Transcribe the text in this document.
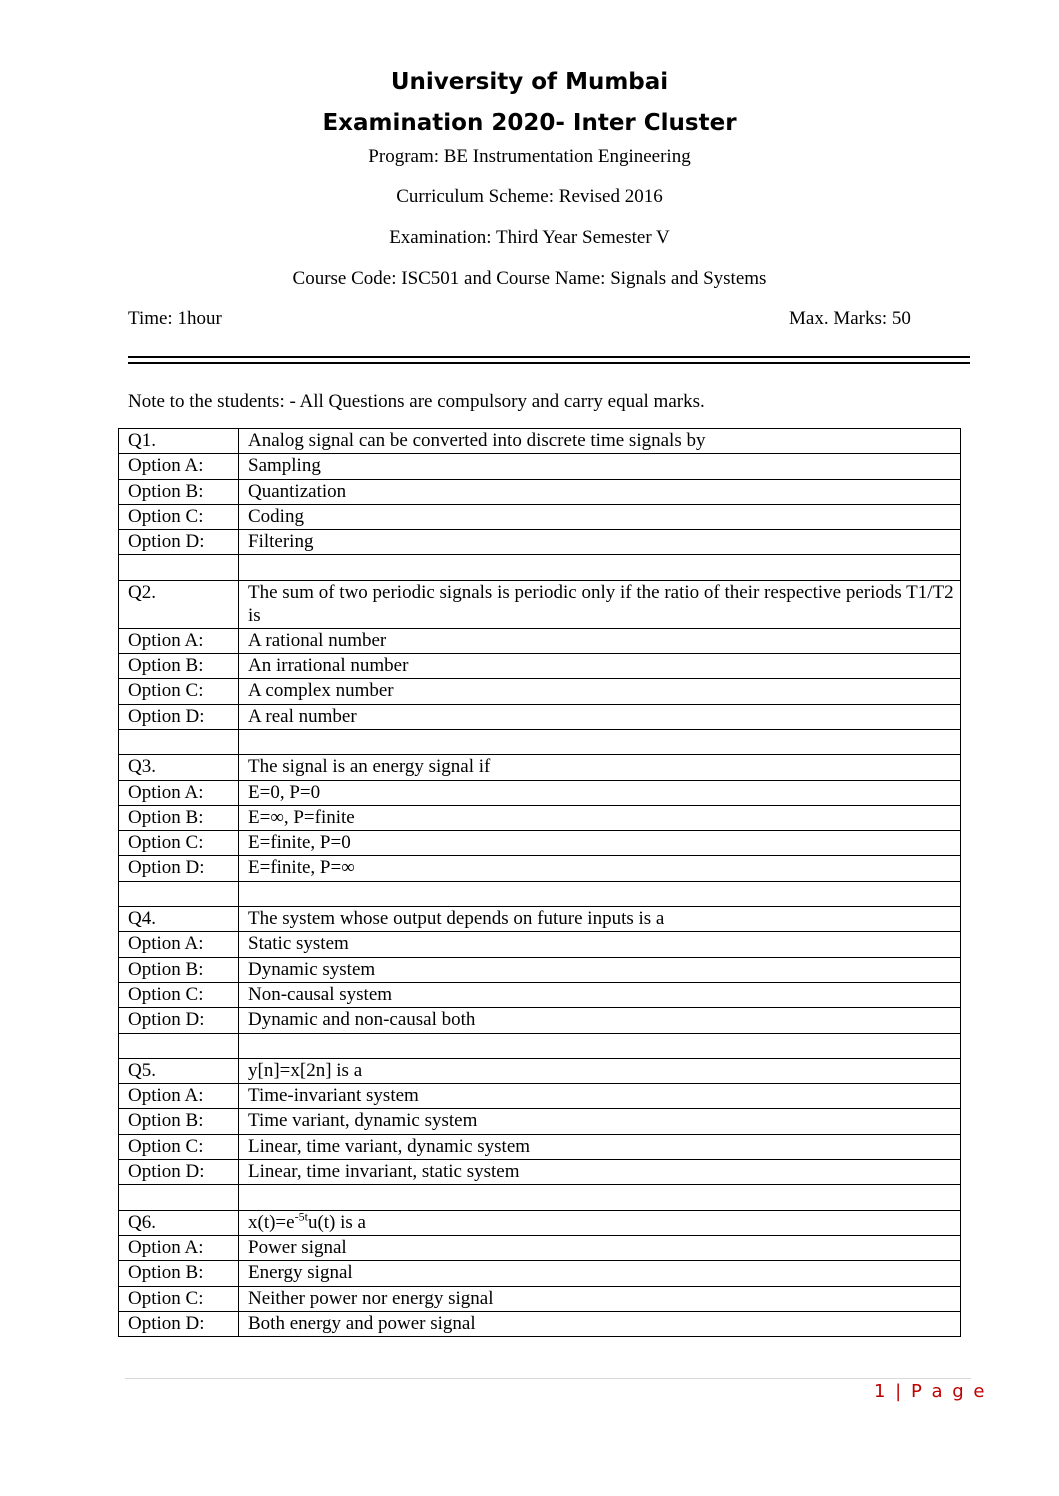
University of Mumbai
Examination 2020- Inter Cluster
Program: BE Instrumentation Engineering
Curriculum Scheme: Revised 2016
Examination: Third Year Semester V
Course Code: ISC501 and Course Name: Signals and Systems
Time: 1hour	Max. Marks: 50
Note to the students: - All Questions are compulsory and carry equal marks.
Q1.	Analog signal can be converted into discrete time signals by
Option A:	Sampling
Option B:	Quantization
Option C:	Coding
Option D:	Filtering

Q2.	The sum of two periodic signals is periodic only if the ratio of their respective periods T1/T2 is
Option A:	A rational number
Option B:	An irrational number
Option C:	A complex number
Option D:	A real number

Q3.	The signal is an energy signal if
Option A:	E=0, P=0
Option B:	E=∞, P=finite
Option C:	E=finite, P=0
Option D:	E=finite, P=∞

Q4.	The system whose output depends on future inputs is a
Option A:	Static system
Option B:	Dynamic system
Option C:	Non-causal system
Option D:	Dynamic and non-causal both

Q5.	y[n]=x[2n] is a
Option A:	Time-invariant system
Option B:	Time variant, dynamic system
Option C:	Linear, time variant, dynamic system
Option D:	Linear, time invariant, static system

Q6.	$x(t)=e^{-5t}u(t)$ is a
Option A:	Power signal
Option B:	Energy signal
Option C:	Neither power nor energy signal
Option D:	Both energy and power signal
1 | P a g e
